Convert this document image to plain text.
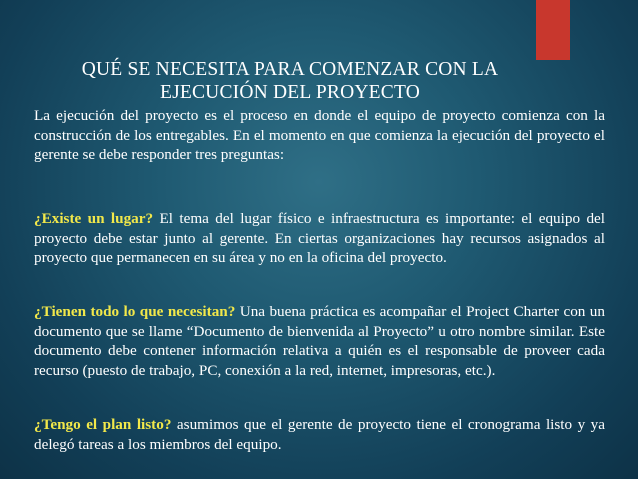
QUÉ SE NECESITA PARA COMENZAR CON LA
EJECUCIÓN DEL PROYECTO

La ejecución del proyecto es el proceso en donde el equipo de proyecto comienza con la construcción de los entregables. En el momento en que comienza la ejecución del proyecto el gerente se debe responder tres preguntas:

¿Existe un lugar? El tema del lugar físico e infraestructura es importante: el equipo del proyecto debe estar junto al gerente. En ciertas organizaciones hay recursos asignados al proyecto que permanecen en su área y no en la oficina del proyecto.

¿Tienen todo lo que necesitan? Una buena práctica es acompañar el Project Charter con un documento que se llame “Documento de bienvenida al Proyecto” u otro nombre similar. Este documento debe contener información relativa a quién es el responsable de proveer cada recurso (puesto de trabajo, PC, conexión a la red, internet, impresoras, etc.).

¿Tengo el plan listo? asumimos que el gerente de proyecto tiene el cronograma listo y ya delegó tareas a los miembros del equipo.
